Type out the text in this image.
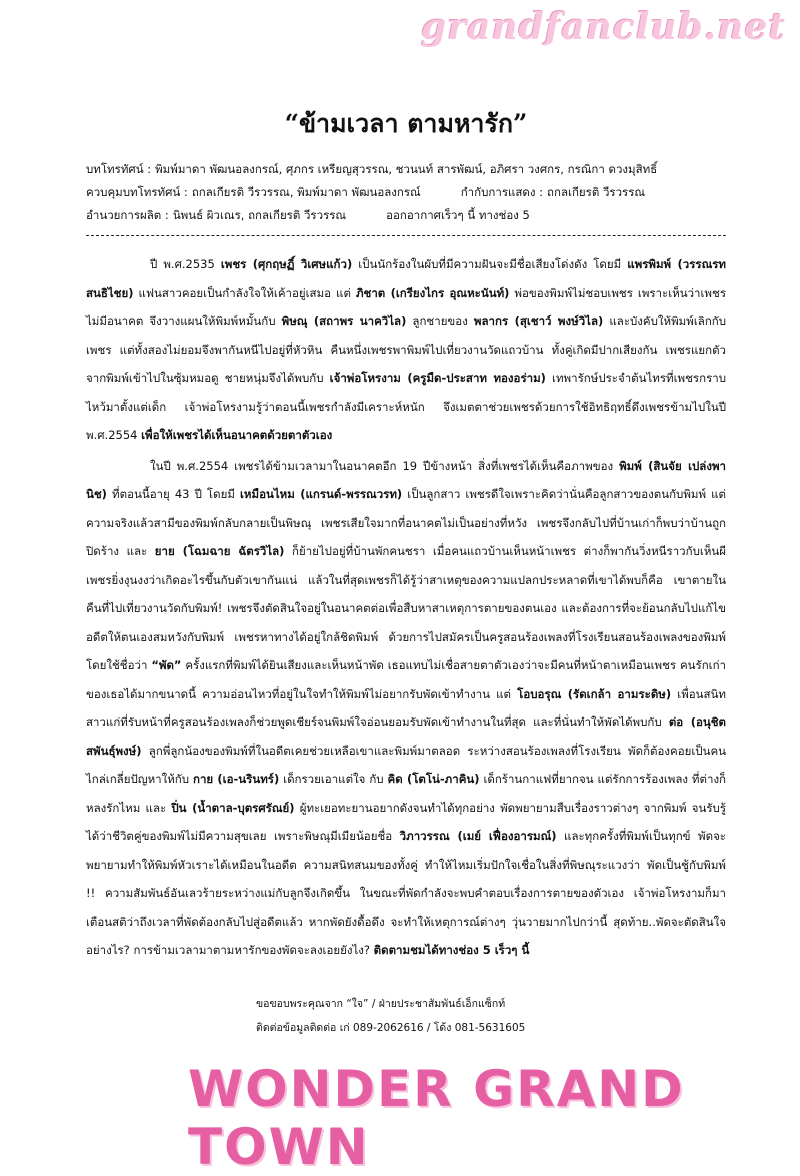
grandfanclub.net
“ข้ามเวลา ตามหารัก”
บทโทรทัศน์ : พิมพ์มาดา พัฒนอลงกรณ์, ศุภกร เหรียญสุวรรณ, ชวนนท์ สารพัฒน์, อภิศรา วงศกร, กรณิกา ดวงมุสิทธิ์
ควบคุมบทโทรทัศน์ : ถกลเกียรติ วีรวรรณ, พิมพ์มาดา พัฒนอลงกรณ์	กำกับการแสดง : ถกลเกียรติ วีรวรรณ
อำนวยการผลิต : นิพนธ์ ผิวเณร, ถกลเกียรติ วีรวรรณ	ออกอากาศเร็วๆ นี้ ทางช่อง 5

ปี พ.ศ.2535 เพชร (ศุกฤษฏิ์ วิเศษแก้ว) เป็นนักร้องในผับที่มีความฝันจะมีชื่อเสียงโด่งดัง โดยมี แพรพิมพ์ (วรรณรท สนธิไชย) แฟนสาวคอยเป็นกำลังใจให้เค้าอยู่เสมอ แต่ ภิชาต (เกรียงไกร อุณหะนันท์) พ่อของพิมพ์ไม่ชอบเพชร เพราะเห็นว่าเพชรไม่มีอนาคต จึงวางแผนให้พิมพ์หมั้นกับ พิษณุ (สถาพร นาควิไล) ลูกชายของ พลากร (สุเชาว์ พงษ์วิไล) และบังคับให้พิมพ์เลิกกับเพชร แต่ทั้งสองไม่ยอมจึงพากันหนีไปอยู่ที่หัวหิน คืนหนึ่งเพชรพาพิมพ์ไปเที่ยวงานวัดแถวบ้าน ทั้งคู่เกิดมีปากเสียงกัน เพชรแยกตัวจากพิมพ์เข้าไปในซุ้มหมอดู ชายหนุ่มจึงได้พบกับ เจ้าพ่อโหรงาม (ครูมืด-ประสาท ทองอร่าม) เทพารักษ์ประจำต้นไทรที่เพชรกราบไหว้มาตั้งแต่เด็ก เจ้าพ่อโหรงามรู้ว่าตอนนี้เพชรกำลังมีเคราะห์หนัก จึงเมตตาช่วยเพชรด้วยการใช้อิทธิฤทธิ์ดึงเพชรข้ามไปในปี พ.ศ.2554 เพื่อให้เพชรได้เห็นอนาคตด้วยตาตัวเอง

ในปี พ.ศ.2554 เพชรได้ข้ามเวลามาในอนาคตอีก 19 ปีข้างหน้า สิ่งที่เพชรได้เห็นคือภาพของ พิมพ์ (สินจัย เปล่งพานิช) ที่ตอนนี้อายุ 43 ปี โดยมี เหมือนไหม (แกรนด์-พรรณวรท) เป็นลูกสาว เพชรดีใจเพราะคิดว่านั่นคือลูกสาวของตนกับพิมพ์ แต่ความจริงแล้วสามีของพิมพ์กลับกลายเป็นพิษณุ เพชรเสียใจมากที่อนาคตไม่เป็นอย่างที่หวัง เพชรจึงกลับไปที่บ้านเก่าก็พบว่าบ้านถูกปิดร้าง และ ยาย (โฉมฉาย ฉัตรวิไล) ก็ย้ายไปอยู่ที่บ้านพักคนชรา เมื่อคนแถวบ้านเห็นหน้าเพชร ต่างก็พากันวิ่งหนีราวกับเห็นผี เพชรยิ่งงุนงงว่าเกิดอะไรขึ้นกับตัวเขากันแน่ แล้วในที่สุดเพชรก็ได้รู้ว่าสาเหตุของความแปลกประหลาดที่เขาได้พบก็คือ เขาตายในคืนที่ไปเที่ยวงานวัดกับพิมพ์! เพชรจึงตัดสินใจอยู่ในอนาคตต่อเพื่อสืบหาสาเหตุการตายของตนเอง และต้องการที่จะย้อนกลับไปแก้ไขอดีตให้ตนเองสมหวังกับพิมพ์ เพชรหาทางได้อยู่ใกล้ชิดพิมพ์ ด้วยการไปสมัครเป็นครูสอนร้องเพลงที่โรงเรียนสอนร้องเพลงของพิมพ์ โดยใช้ชื่อว่า “พัด” ครั้งแรกที่พิมพ์ได้ยินเสียงและเห็นหน้าพัด เธอแทบไม่เชื่อสายตาตัวเองว่าจะมีคนที่หน้าตาเหมือนเพชร คนรักเก่าของเธอได้มากขนาดนี้ ความอ่อนไหวที่อยู่ในใจทำให้พิมพ์ไม่อยากรับพัดเข้าทำงาน แต่ โอบอรุณ (รัดเกล้า อามระดิษ) เพื่อนสนิทสาวแก่ที่รับหน้าที่ครูสอนร้องเพลงก็ช่วยพูดเชียร์จนพิมพ์ใจอ่อนยอมรับพัดเข้าทำงานในที่สุด และที่นั่นทำให้พัดได้พบกับ ต่อ (อนุชิต สพันธุ์พงษ์) ลูกพี่ลูกน้องของพิมพ์ที่ในอดีตเคยช่วยเหลือเขาและพิมพ์มาตลอด ระหว่างสอนร้องเพลงที่โรงเรียน พัดก็ต้องคอยเป็นคนไกล่เกลี่ยปัญหาให้กับ กาย (เอ-นรินทร์) เด็กรวยเอาแต่ใจ กับ คิด (โตโน่-ภาคิน) เด็กร้านกาแฟที่ยากจน แต่รักการร้องเพลง ที่ต่างก็หลงรักไหม และ ปิ่น (น้ำตาล-บุตรศรัณย์) ผู้ทะเยอทะยานอยากดังจนทำได้ทุกอย่าง พัดพยายามสืบเรื่องราวต่างๆ จากพิมพ์ จนรับรู้ได้ว่าชีวิตคู่ของพิมพ์ไม่มีความสุขเลย เพราะพิษณุมีเมียน้อยชื่อ วิภาวรรณ (เมย์ เฟื่องอารมณ์) และทุกครั้งที่พิมพ์เป็นทุกข์ พัดจะพยายามทำให้พิมพ์หัวเราะได้เหมือนในอดีต ความสนิทสนมของทั้งคู่ ทำให้ไหมเริ่มปักใจเชื่อในสิ่งที่พิษณุระแวงว่า พัดเป็นชู้กับพิมพ์ !! ความสัมพันธ์อันเลวร้ายระหว่างแม่กับลูกจึงเกิดขึ้น ในขณะที่พัดกำลังจะพบคำตอบเรื่องการตายของตัวเอง เจ้าพ่อโหรงามก็มาเตือนสติว่าถึงเวลาที่พัดต้องกลับไปสู่อดีตแล้ว หากพัดยังดื้อดึง จะทำให้เหตุการณ์ต่างๆ วุ่นวายมากไปกว่านี้ สุดท้าย..พัดจะตัดสินใจอย่างไร? การข้ามเวลามาตามหารักของพัดจะลงเอยยังไง? ติดตามชมได้ทางช่อง 5 เร็วๆ นี้

ขอขอบพระคุณจาก “ใจ” / ฝ่ายประชาสัมพันธ์เอ็กแซ็กท์
ติดต่อข้อมูลติดต่อ เก่ 089-2062616 / โด้ง 081-5631605
WONDER GRAND TOWN
